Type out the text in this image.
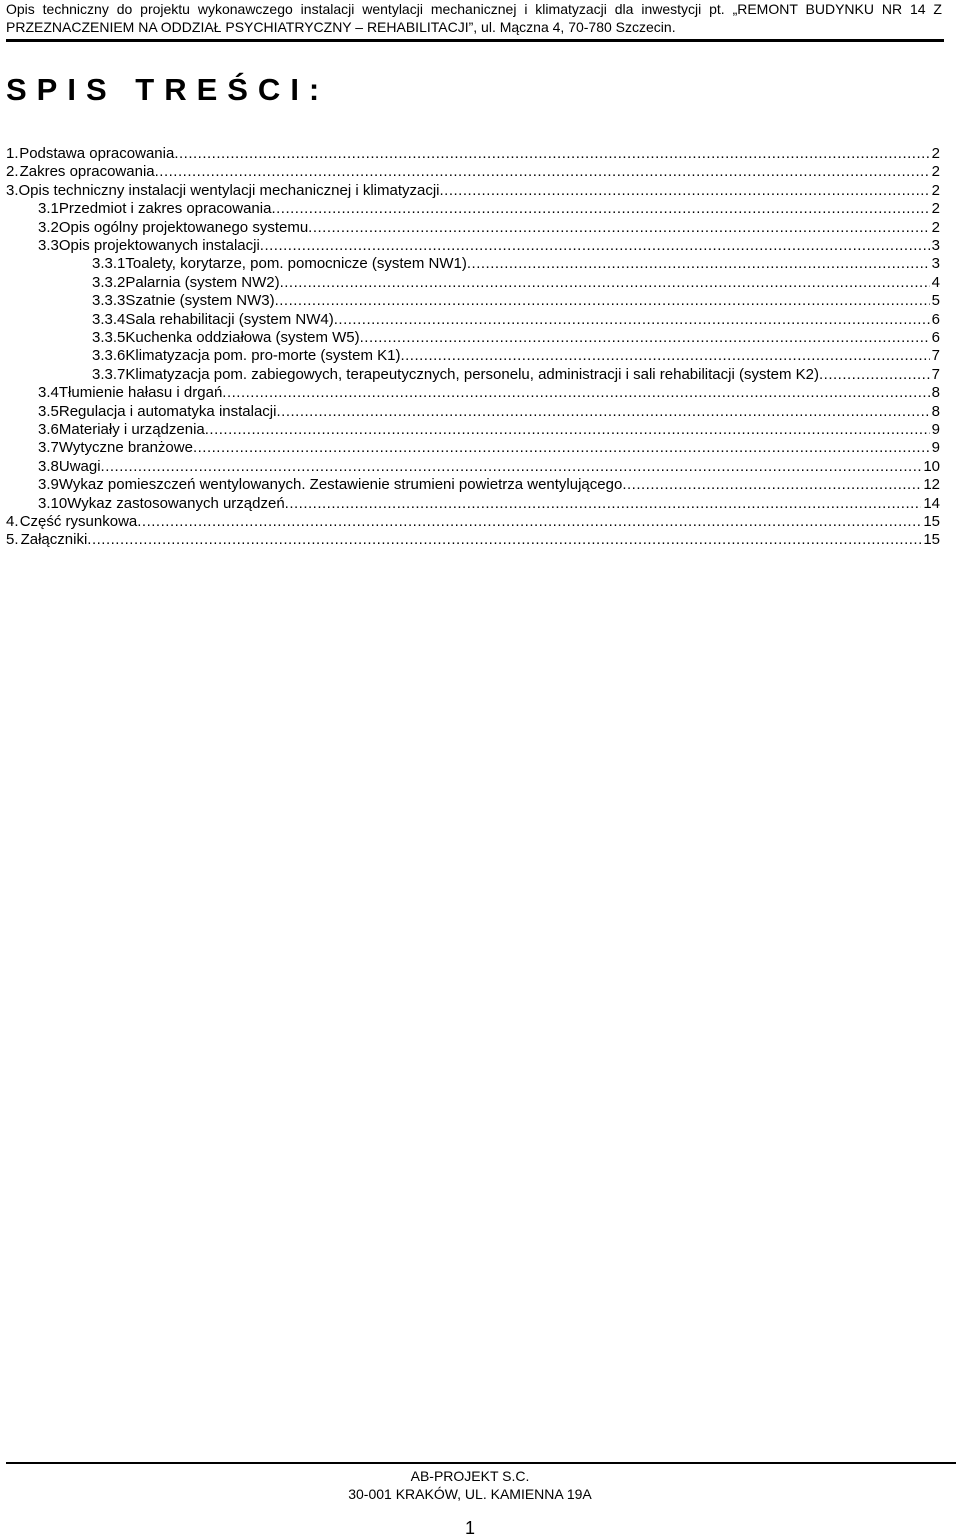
Opis techniczny do projektu wykonawczego instalacji wentylacji mechanicznej i klimatyzacji dla inwestycji pt. „REMONT BUDYNKU NR 14 Z
PRZEZNACZENIEM NA ODDZIAŁ PSYCHIATRYCZNY – REHABILITACJI”, ul. Mączna 4, 70-780 Szczecin.
SPIS TREŚCI:
1. Podstawa opracowania .....	2
2. Zakres opracowania .....	2
3. Opis techniczny instalacji wentylacji mechanicznej i klimatyzacji .....	2
3.1 Przedmiot i zakres opracowania .....	2
3.2 Opis ogólny projektowanego systemu .....	2
3.3 Opis projektowanych instalacji .....	3
3.3.1 Toalety, korytarze, pom. pomocnicze (system NW1) .....	3
3.3.2 Palarnia (system NW2) .....	4
3.3.3 Szatnie (system NW3) .....	5
3.3.4 Sala rehabilitacji (system NW4) .....	6
3.3.5 Kuchenka oddziałowa (system W5) .....	6
3.3.6 Klimatyzacja pom. pro-morte (system K1) .....	7
3.3.7 Klimatyzacja pom. zabiegowych, terapeutycznych, personelu, administracji i sali rehabilitacji (system K2) .....	7
3.4 Tłumienie hałasu i drgań .....	8
3.5 Regulacja i automatyka instalacji .....	8
3.6 Materiały i urządzenia .....	9
3.7 Wytyczne branżowe .....	9
3.8 Uwagi .....	10
3.9 Wykaz pomieszczeń wentylowanych. Zestawienie strumieni powietrza wentylującego .....	12
3.10 Wykaz zastosowanych urządzeń .....	14
4. Część rysunkowa .....	15
5. Załączniki .....	15
AB-PROJEKT S.C.
30-001 KRAKÓW, UL. KAMIENNA 19A
1
